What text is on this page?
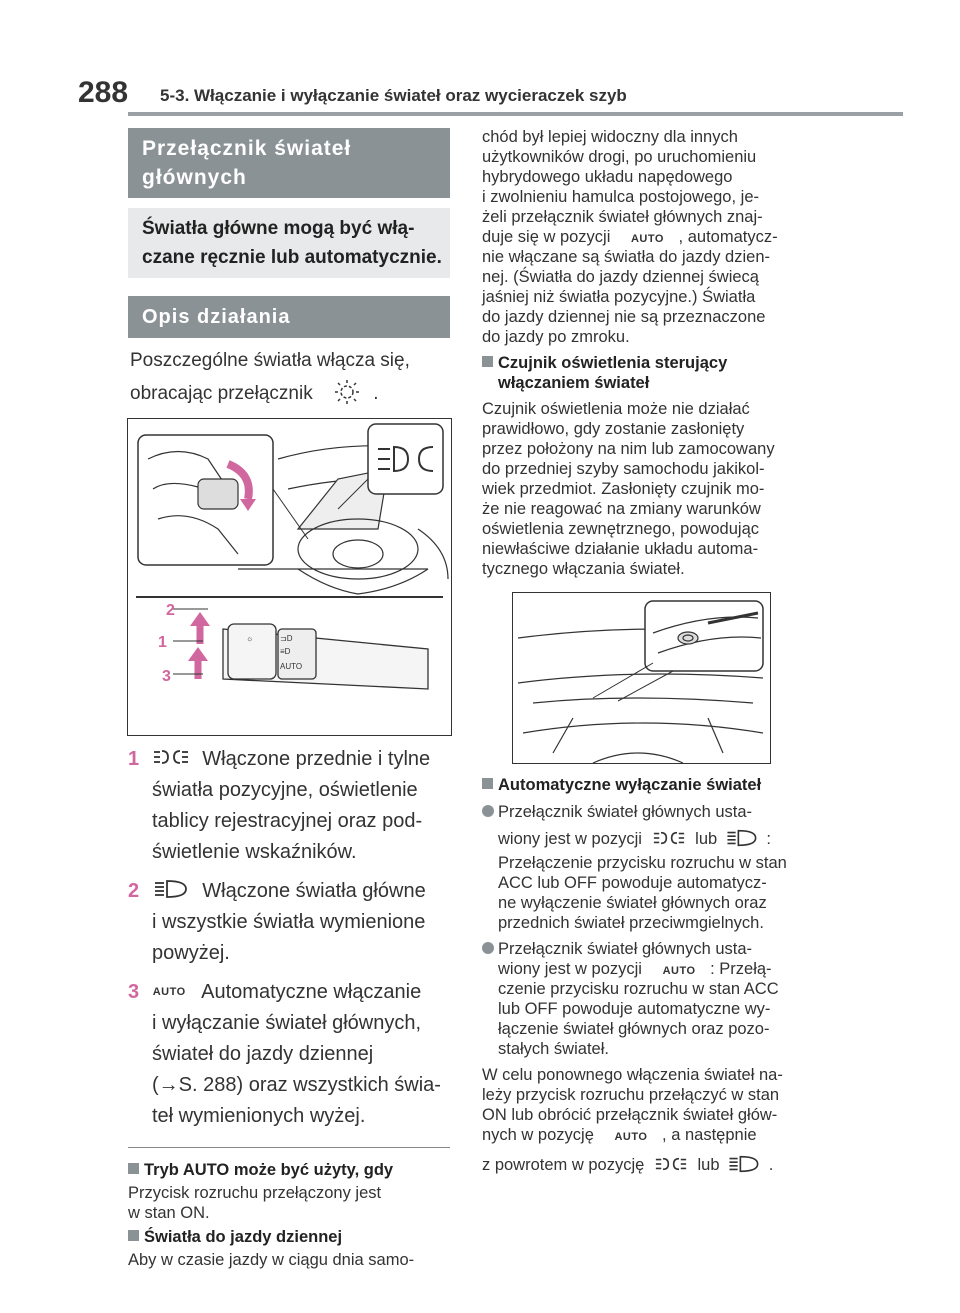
288 5-3. Włączanie i wyłączanie świateł oraz wycieraczek szyb
Przełącznik świateł
głównych
Światła główne mogą być włą-
czane ręcznie lub automatycznie.
Opis działania
Poszczególne światła włącza się,
obracając przełącznik	.
☼	⊐D
≡D
AUTO
2
1
3
1	Włączone przednie i tylne
światła pozycyjne, oświetlenie
tablicy rejestracyjnej oraz pod-
świetlenie wskaźników.
2	Włączone światła główne
i wszystkie światła wymienione
powyżej.
3 AUTO Automatyczne włączanie
i wyłączanie świateł głównych,
świateł do jazdy dziennej
(→S. 288) oraz wszystkich świa-
teł wymienionych wyżej.
Tryb AUTO może być użyty, gdy
Przycisk rozruchu przełączony jest
w stan ON.
Światła do jazdy dziennej
Aby w czasie jazdy w ciągu dnia samo-
chód był lepiej widoczny dla innych
użytkowników drogi, po uruchomieniu
hybrydowego układu napędowego
i zwolnieniu hamulca postojowego, je-
żeli przełącznik świateł głównych znaj-
duje się w pozycji AUTO , automatycz-
nie włączane są światła do jazdy dzien-
nej. (Światła do jazdy dziennej świecą
jaśniej niż światła pozycyjne.) Światła
do jazdy dziennej nie są przeznaczone
do jazdy po zmroku.
Czujnik oświetlenia sterujący
włączaniem świateł
Czujnik oświetlenia może nie działać
prawidłowo, gdy zostanie zasłonięty
przez położony na nim lub zamocowany
do przedniej szyby samochodu jakikol-
wiek przedmiot. Zasłonięty czujnik mo-
że nie reagować na zmiany warunków
oświetlenia zewnętrznego, powodując
niewłaściwe działanie układu automa-
tycznego włączania świateł.
Automatyczne wyłączanie świateł
Przełącznik świateł głównych usta-
wiony jest w pozycji	lub	:
Przełączenie przycisku rozruchu w stan
ACC lub OFF powoduje automatycz-
ne wyłączenie świateł głównych oraz
przednich świateł przeciwmgielnych.
Przełącznik świateł głównych usta-
wiony jest w pozycji AUTO : Przełą-
czenie przycisku rozruchu w stan ACC
lub OFF powoduje automatyczne wy-
łączenie świateł głównych oraz pozo-
stałych świateł.
W celu ponownego włączenia świateł na-
leży przycisk rozruchu przełączyć w stan
ON lub obrócić przełącznik świateł głów-
nych w pozycję AUTO , a następnie
z powrotem w pozycję	lub	.
